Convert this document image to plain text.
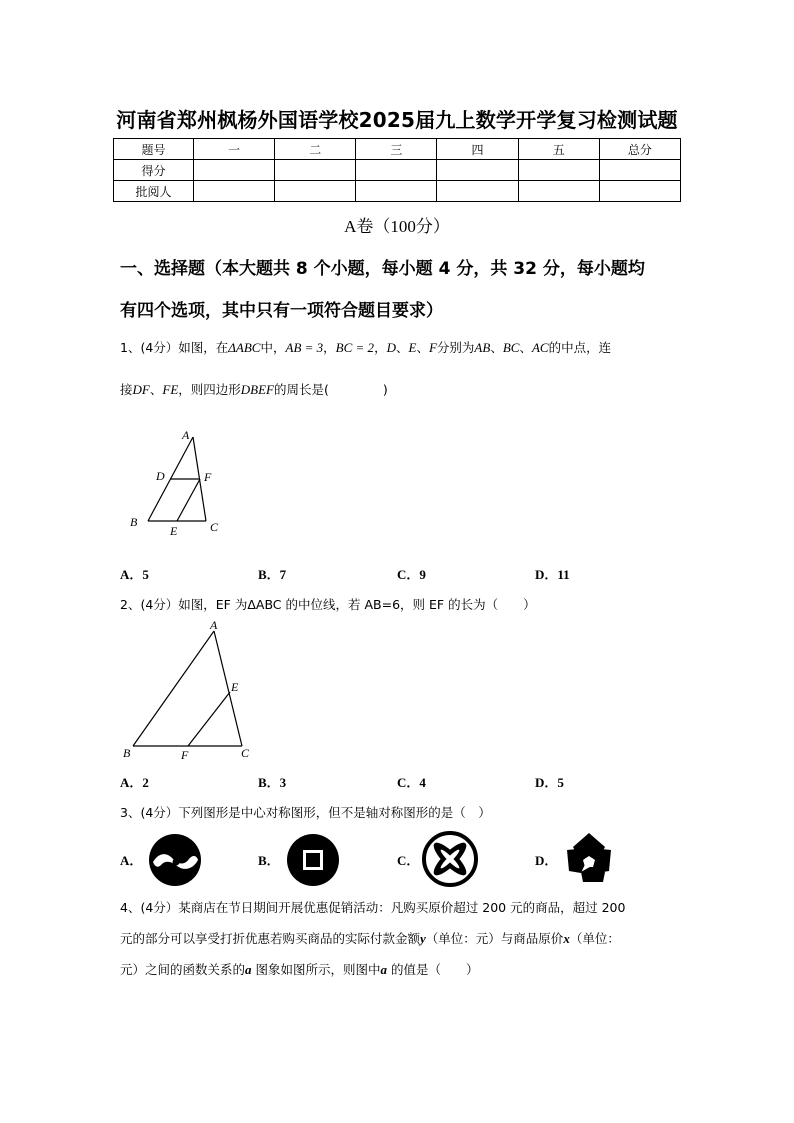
河南省郑州枫杨外国语学校2025届九上数学开学复习检测试题
题号	一	二	三	四	五	总分
得分						
批阅人						
A卷（100分）
一、选择题（本大题共 8 个小题，每小题 4 分，共 32 分，每小题均
有四个选项，其中只有一项符合题目要求）
1、(4分）如图，在ΔABC中，AB = 3，BC = 2，D、E、F分别为AB、BC、AC的中点，连
接DF、FE，则四边形DBEF的周长是(	)
A
D	F
B
E	C
A．5	B．7	C．9	D．11
2、(4分）如图，EF 为ΔABC 的中位线，若 AB=6，则 EF 的长为（　　）
A
E
B	F	C
A．2	B．3	C．4	D．5
3、(4分）下列图形是中心对称图形，但不是轴对称图形的是（　）
A．	B．	C．	D．
4、(4分）某商店在节日期间开展优惠促销活动：凡购买原价超过 200 元的商品，超过 200
元的部分可以享受打折优惠若购买商品的实际付款金额y（单位：元）与商品原价x（单位：
元）之间的函数关系的a 图象如图所示，则图中a 的值是（　　）
